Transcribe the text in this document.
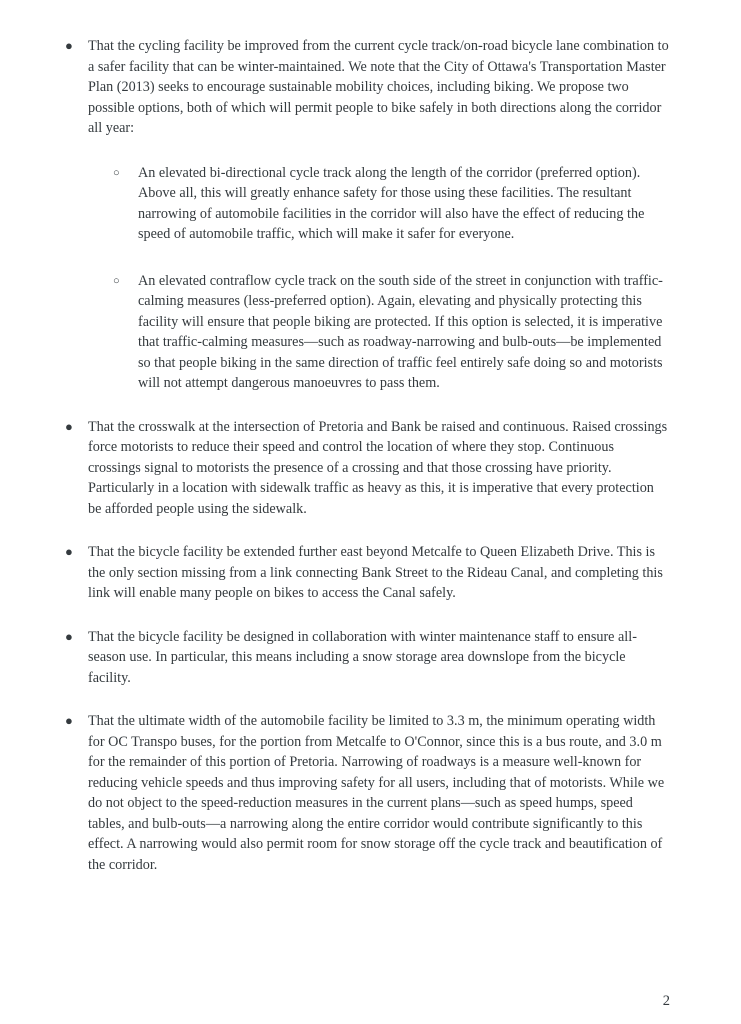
●	That the cycling facility be improved from the current cycle track/on-road bicycle lane combination to a safer facility that can be winter-maintained. We note that the City of Ottawa's Transportation Master Plan (2013) seeks to encourage sustainable mobility choices, including biking. We propose two possible options, both of which will permit people to bike safely in both directions along the corridor all year:

○	An elevated bi-directional cycle track along the length of the corridor (preferred option). Above all, this will greatly enhance safety for those using these facilities. The resultant narrowing of automobile facilities in the corridor will also have the effect of reducing the speed of automobile traffic, which will make it safer for everyone.

○	An elevated contraflow cycle track on the south side of the street in conjunction with traffic-calming measures (less-preferred option). Again, elevating and physically protecting this facility will ensure that people biking are protected. If this option is selected, it is imperative that traffic-calming measures—such as roadway-narrowing and bulb-outs—be implemented so that people biking in the same direction of traffic feel entirely safe doing so and motorists will not attempt dangerous manoeuvres to pass them.

●	That the crosswalk at the intersection of Pretoria and Bank be raised and continuous. Raised crossings force motorists to reduce their speed and control the location of where they stop. Continuous crossings signal to motorists the presence of a crossing and that those crossing have priority. Particularly in a location with sidewalk traffic as heavy as this, it is imperative that every protection be afforded people using the sidewalk.

●	That the bicycle facility be extended further east beyond Metcalfe to Queen Elizabeth Drive. This is the only section missing from a link connecting Bank Street to the Rideau Canal, and completing this link will enable many people on bikes to access the Canal safely.

●	That the bicycle facility be designed in collaboration with winter maintenance staff to ensure all-season use. In particular, this means including a snow storage area downslope from the bicycle facility.

●	That the ultimate width of the automobile facility be limited to 3.3 m, the minimum operating width for OC Transpo buses, for the portion from Metcalfe to O'Connor, since this is a bus route, and 3.0 m for the remainder of this portion of Pretoria. Narrowing of roadways is a measure well-known for reducing vehicle speeds and thus improving safety for all users, including that of motorists. While we do not object to the speed-reduction measures in the current plans—such as speed humps, speed tables, and bulb-outs—a narrowing along the entire corridor would contribute significantly to this effect. A narrowing would also permit room for snow storage off the cycle track and beautification of the corridor.

2
